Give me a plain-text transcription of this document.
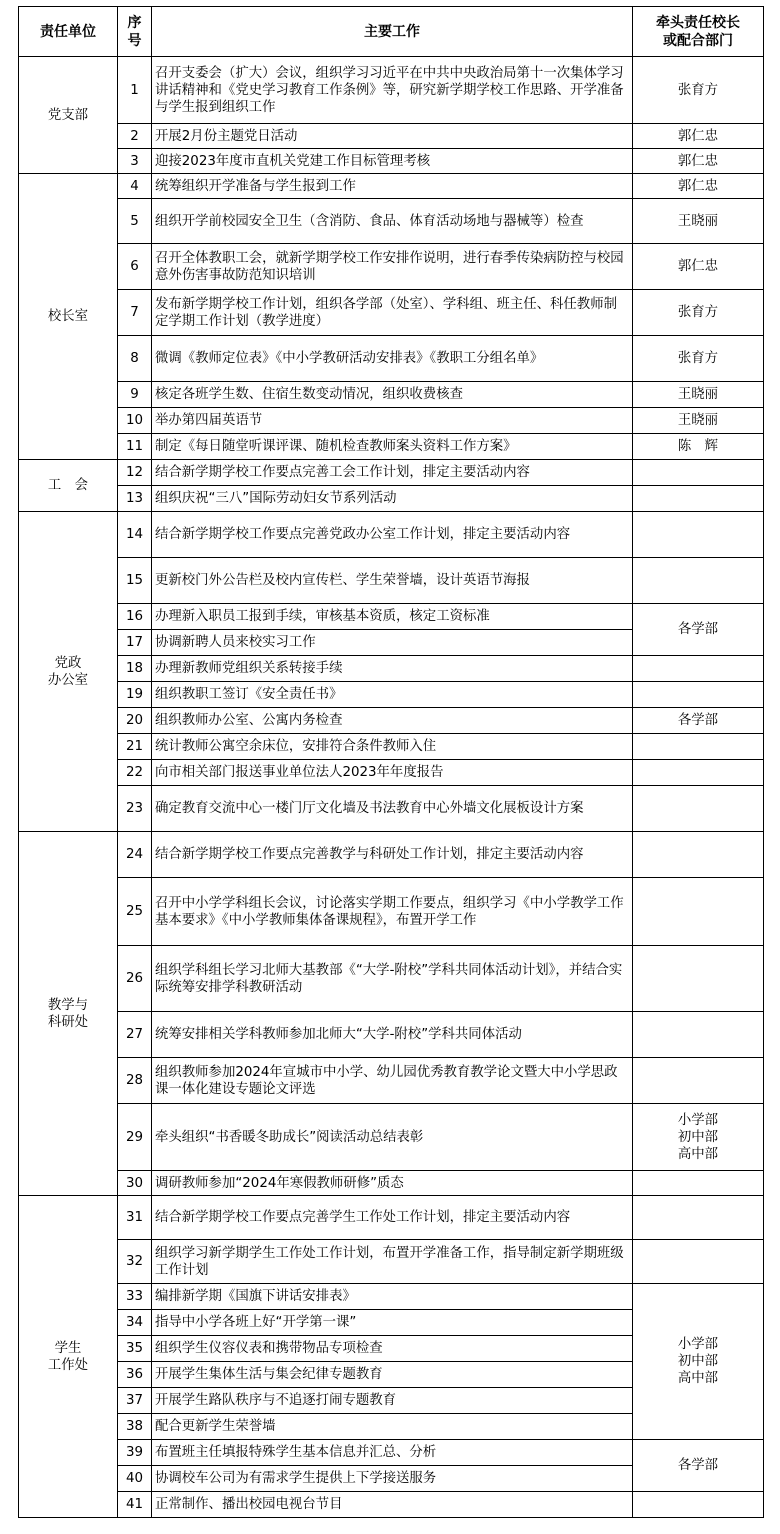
责任单位	序号	主要工作	牵头责任校长
或配合部门

党支部	1	召开支委会（扩大）会议，组织学习习近平在中共中央政治局第十一次集体学习讲话精神和《党史学习教育工作条例》等，研究新学期学校工作思路、开学准备与学生报到组织工作	张育方
	2	开展2月份主题党日活动	郭仁忠
	3	迎接2023年度市直机关党建工作目标管理考核	郭仁忠
校长室	4	统筹组织开学准备与学生报到工作	郭仁忠
	5	组织开学前校园安全卫生（含消防、食品、体育活动场地与器械等）检查	王晓丽
	6	召开全体教职工会，就新学期学校工作安排作说明，进行春季传染病防控与校园意外伤害事故防范知识培训	郭仁忠
	7	发布新学期学校工作计划，组织各学部（处室）、学科组、班主任、科任教师制定学期工作计划（教学进度）	张育方
	8	微调《教师定位表》《中小学教研活动安排表》《教职工分组名单》	张育方
	9	核定各班学生数、住宿生数变动情况，组织收费核查	王晓丽
	10	举办第四届英语节	王晓丽
	11	制定《每日随堂听课评课、随机检查教师案头资料工作方案》	陈　辉
工　会	12	结合新学期学校工作要点完善工会工作计划，排定主要活动内容	
	13	组织庆祝“三八”国际劳动妇女节系列活动	

党政
办公室	14	结合新学期学校工作要点完善党政办公室工作计划，排定主要活动内容	
	15	更新校门外公告栏及校内宣传栏、学生荣誉墙，设计英语节海报	
	16	办理新入职员工报到手续，审核基本资质，核定工资标准	各学部
	17	协调新聘人员来校实习工作	
	18	办理新教师党组织关系转接手续	
	19	组织教职工签订《安全责任书》	
	20	组织教师办公室、公寓内务检查	各学部
	21	统计教师公寓空余床位，安排符合条件教师入住	
	22	向市相关部门报送事业单位法人2023年年度报告	
	23	确定教育交流中心一楼门厅文化墙及书法教育中心外墙文化展板设计方案	

教学与
科研处	24	结合新学期学校工作要点完善教学与科研处工作计划，排定主要活动内容	
	25	召开中小学学科组长会议，讨论落实学期工作要点，组织学习《中小学教学工作基本要求》《中小学教师集体备课规程》，布置开学工作	
	26	组织学科组长学习北师大基教部《“大学-附校”学科共同体活动计划》，并结合实际统筹安排学科教研活动	
	27	统筹安排相关学科教师参加北师大“大学-附校”学科共同体活动	
	28	组织教师参加2024年宣城市中小学、幼儿园优秀教育教学论文暨大中小学思政课一体化建设专题论文评选	
	29	牵头组织“书香暖冬助成长”阅读活动总结表彰	小学部
初中部
高中部

	30	调研教师参加“2024年寒假教师研修”质态	

学生
工作处	31	结合新学期学校工作要点完善学生工作处工作计划，排定主要活动内容	
	32	组织学习新学期学生工作处工作计划，布置开学准备工作，指导制定新学期班级工作计划	
	33	编排新学期《国旗下讲话安排表》	小学部
初中部
高中部

	34	指导中小学各班上好“开学第一课”	
	35	组织学生仪容仪表和携带物品专项检查	
	36	开展学生集体生活与集会纪律专题教育	
	37	开展学生路队秩序与不追逐打闹专题教育	
	38	配合更新学生荣誉墙	
	39	布置班主任填报特殊学生基本信息并汇总、分析	各学部
	40	协调校车公司为有需求学生提供上下学接送服务	
	41	正常制作、播出校园电视台节目	
